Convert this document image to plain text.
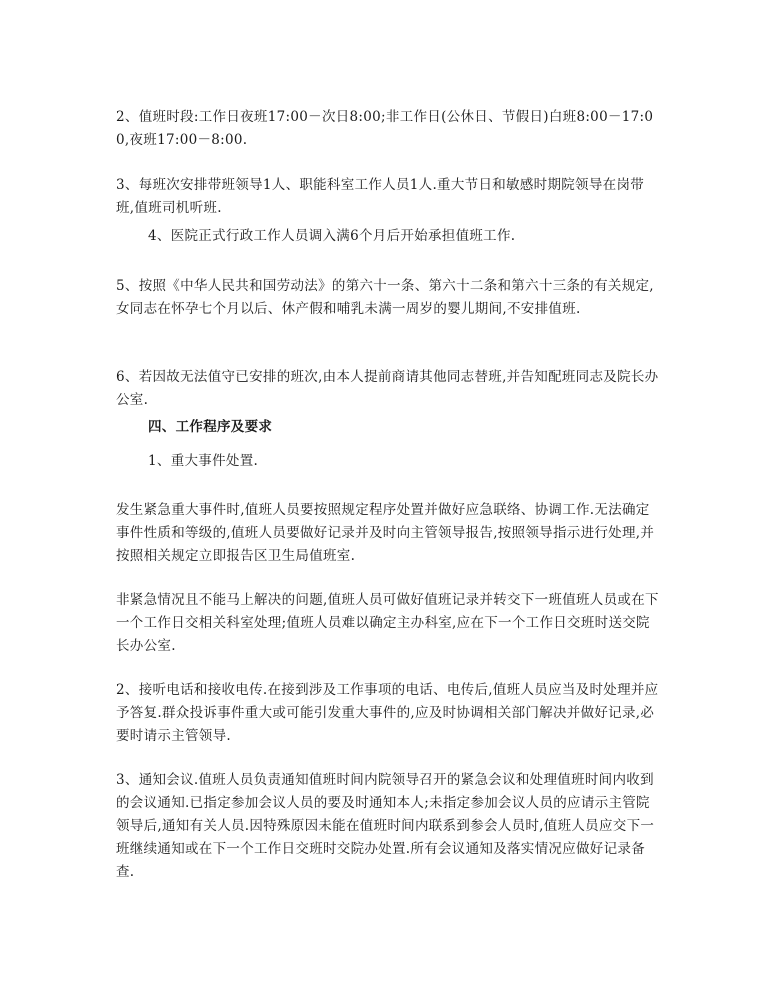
2、值班时段:工作日夜班17:00－次日8:00;非工作日(公休日、节假日)白班8:00－17:00,夜班17:00－8:00.

3、每班次安排带班领导1人、职能科室工作人员1人.重大节日和敏感时期院领导在岗带班,值班司机听班.

4、医院正式行政工作人员调入满6个月后开始承担值班工作.

5、按照《中华人民共和国劳动法》的第六十一条、第六十二条和第六十三条的有关规定,女同志在怀孕七个月以后、休产假和哺乳未满一周岁的婴儿期间,不安排值班.

6、若因故无法值守已安排的班次,由本人提前商请其他同志替班,并告知配班同志及院长办公室.

四、工作程序及要求

1、重大事件处置.

发生紧急重大事件时,值班人员要按照规定程序处置并做好应急联络、协调工作.无法确定事件性质和等级的,值班人员要做好记录并及时向主管领导报告,按照领导指示进行处理,并按照相关规定立即报告区卫生局值班室.

非紧急情况且不能马上解决的问题,值班人员可做好值班记录并转交下一班值班人员或在下一个工作日交相关科室处理;值班人员难以确定主办科室,应在下一个工作日交班时送交院长办公室.

2、接听电话和接收电传.在接到涉及工作事项的电话、电传后,值班人员应当及时处理并应予答复.群众投诉事件重大或可能引发重大事件的,应及时协调相关部门解决并做好记录,必要时请示主管领导.

3、通知会议.值班人员负责通知值班时间内院领导召开的紧急会议和处理值班时间内收到的会议通知.已指定参加会议人员的要及时通知本人;未指定参加会议人员的应请示主管院领导后,通知有关人员.因特殊原因未能在值班时间内联系到参会人员时,值班人员应交下一班继续通知或在下一个工作日交班时交院办处置.所有会议通知及落实情况应做好记录备查.
